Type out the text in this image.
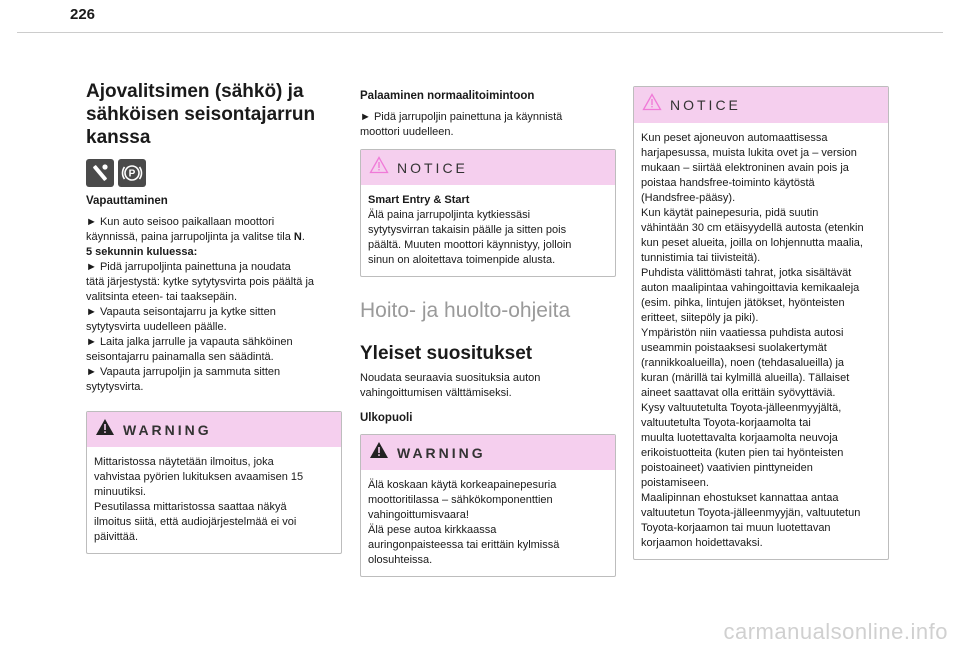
226
Ajovalitsimen (sähkö) ja
sähköisen seisontajarrun
kanssa
P
Vapauttaminen
► Kun auto seisoo paikallaan moottori
käynnissä, paina jarrupoljinta ja valitse tila N.
5 sekunnin kuluessa:
► Pidä jarrupoljinta painettuna ja noudata
tätä järjestystä: kytke sytytysvirta pois päältä ja
valitsinta eteen- tai taaksepäin.
► Vapauta seisontajarru ja kytke sitten
sytytysvirta uudelleen päälle.
► Laita jalka jarrulle ja vapauta sähköinen
seisontajarru painamalla sen säädintä.
► Vapauta jarrupoljin ja sammuta sitten
sytytysvirta.
WARNING
Mittaristossa näytetään ilmoitus, joka
vahvistaa pyörien lukituksen avaamisen 15
minuutiksi.
Pesutilassa mittaristossa saattaa näkyä
ilmoitus siitä, että audiojärjestelmää ei voi
päivittää.
Palaaminen normaalitoimintoon
► Pidä jarrupoljin painettuna ja käynnistä
moottori uudelleen.
NOTICE
Smart Entry & Start
Älä paina jarrupoljinta kytkiessäsi
sytytysvirran takaisin päälle ja sitten pois
päältä. Muuten moottori käynnistyy, jolloin
sinun on aloitettava toimenpide alusta.
Hoito- ja huolto-ohjeita
Yleiset suositukset
Noudata seuraavia suosituksia auton
vahingoittumisen välttämiseksi.
Ulkopuoli
WARNING
Älä koskaan käytä korkeapainepesuria
moottoritilassa – sähkökomponenttien
vahingoittumisvaara!
Älä pese autoa kirkkaassa
auringonpaisteessa tai erittäin kylmissä
olosuhteissa.
NOTICE
Kun peset ajoneuvon automaattisessa
harjapesussa, muista lukita ovet ja – version
mukaan – siirtää elektroninen avain pois ja
poistaa handsfree-toiminto käytöstä
(Handsfree-pääsy).
Kun käytät painepesuria, pidä suutin
vähintään 30 cm etäisyydellä autosta (etenkin
kun peset alueita, joilla on lohjennutta maalia,
tunnistimia tai tiivisteitä).
Puhdista välittömästi tahrat, jotka sisältävät
auton maalipintaa vahingoittavia kemikaaleja
(esim. pihka, lintujen jätökset, hyönteisten
eritteet, siitepöly ja piki).
Ympäristön niin vaatiessa puhdista autosi
useammin poistaaksesi suolakertymät
(rannikkoalueilla), noen (tehdasalueilla) ja
kuran (märillä tai kylmillä alueilla). Tällaiset
aineet saattavat olla erittäin syövyttäviä.
Kysy valtuutetulta Toyota-jälleenmyyjältä,
valtuutetulta Toyota-korjaamolta tai
muulta luotettavalta korjaamolta neuvoja
erikoistuotteita (kuten pien tai hyönteisten
poistoaineet) vaativien pinttyneiden
poistamiseen.
Maalipinnan ehostukset kannattaa antaa
valtuutetun Toyota-jälleenmyyjän, valtuutetun
Toyota-korjaamon tai muun luotettavan
korjaamon hoidettavaksi.
carmanualsonline.info
